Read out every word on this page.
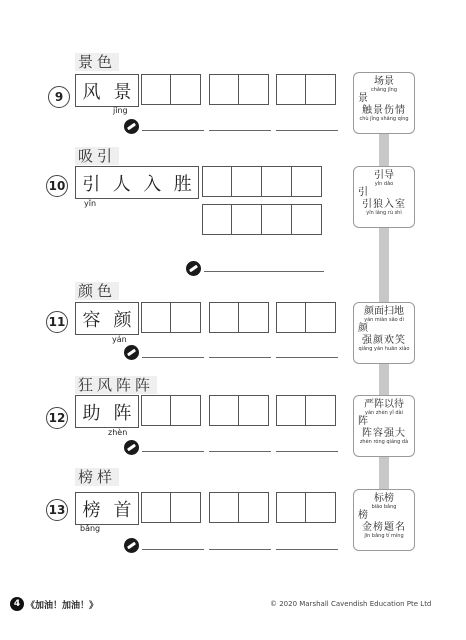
景色
9	风 景
jǐng
场景
chǎng jǐng
景
触景伤情
chù jǐng shāng qíng
吸引
10 引 人 入 胜
yǐn
引导
yǐn dǎo
引
引狼入室
yǐn láng rù shì
颜色
11 容 颜
yán
颜面扫地
yán miàn sǎo dì
颜
强颜欢笑
qiǎng yán huān xiào
狂风阵阵
12 助 阵
zhèn
严阵以待
yán zhèn yǐ dài
阵
阵容强大
zhèn róng qiáng dà
榜样
13 榜 首
bǎng
标榜
biāo bǎng
榜
金榜题名
jīn bǎng tí míng
4 《加油！加油！》	© 2020 Marshall Cavendish Education Pte Ltd
